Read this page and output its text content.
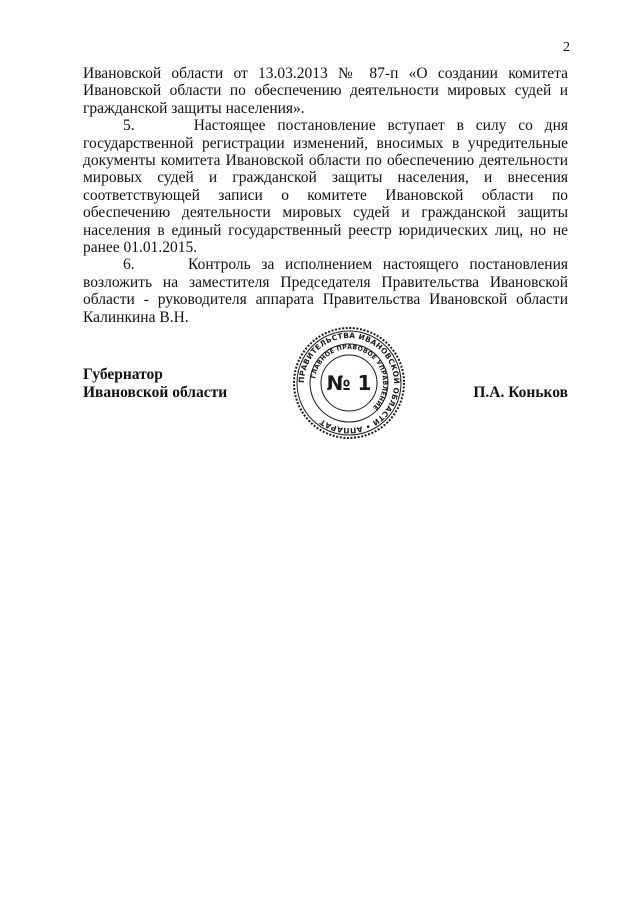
2

Ивановской области от 13.03.2013 № 87-п «О создании комитета Ивановской области по обеспечению деятельности мировых судей и гражданской защиты населения».

5.     Настоящее постановление вступает в силу со дня государственной регистрации изменений, вносимых в учредительные документы комитета Ивановской области по обеспечению деятельности мировых судей и гражданской защиты населения, и внесения соответствующей записи о комитете Ивановской области по обеспечению деятельности мировых судей и гражданской защиты населения в единый государственный реестр юридических лиц, но не ранее 01.01.2015.

6.     Контроль за исполнением настоящего постановления возложить на заместителя Председателя Правительства Ивановской области - руководителя аппарата Правительства Ивановской области Калинкина В.Н.

Губернатор
Ивановской области	П.А. Коньков
ПРАВИТЕЛЬСТВА ИВАНОВСКОЙ ОБЛАСТИ • АППАРАТ
ГЛАВНОЕ ПРАВОВОЕ УПРАВЛЕНИЕ
№ 1
